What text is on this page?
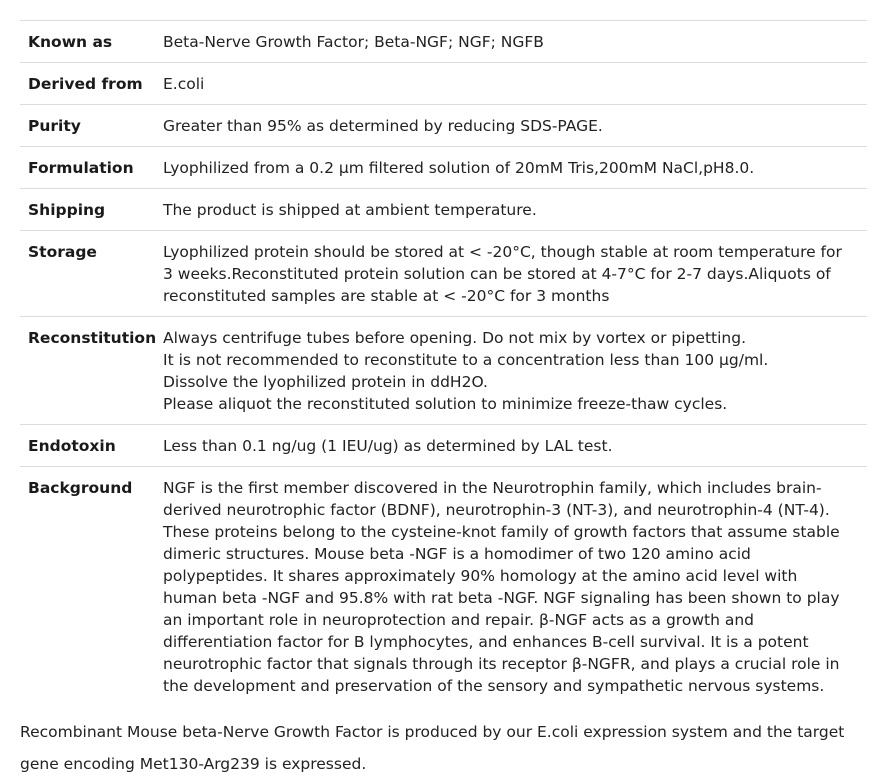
Known as	Beta-Nerve Growth Factor; Beta-NGF; NGF; NGFB
Derived from	E.coli
Purity	Greater than 95% as determined by reducing SDS-PAGE.
Formulation	Lyophilized from a 0.2 μm filtered solution of 20mM Tris,200mM NaCl,pH8.0.
Shipping	The product is shipped at ambient temperature.
Storage	Lyophilized protein should be stored at < -20°C, though stable at room temperature for 3 weeks.Reconstituted protein solution can be stored at 4-7°C for 2-7 days.Aliquots of reconstituted samples are stable at < -20°C for 3 months
Reconstitution	Always centrifuge tubes before opening. Do not mix by vortex or pipetting.
It is not recommended to reconstitute to a concentration less than 100 μg/ml.
Dissolve the lyophilized protein in ddH2O.
Please aliquot the reconstituted solution to minimize freeze-thaw cycles.

Endotoxin	Less than 0.1 ng/ug (1 IEU/ug) as determined by LAL test.
Background	NGF is the first member discovered in the Neurotrophin family, which includes brain-derived neurotrophic factor (BDNF), neurotrophin-3 (NT-3), and neurotrophin-4 (NT-4). These proteins belong to the cysteine-knot family of growth factors that assume stable dimeric structures. Mouse beta -NGF is a homodimer of two 120 amino acid polypeptides. It shares approximately 90% homology at the amino acid level with human beta -NGF and 95.8% with rat beta -NGF. NGF signaling has been shown to play an important role in neuroprotection and repair. β-NGF acts as a growth and differentiation factor for B lymphocytes, and enhances B-cell survival. It is a potent neurotrophic factor that signals through its receptor β-NGFR, and plays a crucial role in the development and preservation of the sensory and sympathetic nervous systems.

Recombinant Mouse beta-Nerve Growth Factor is produced by our E.coli expression system and the target gene encoding Met130-Arg239 is expressed.
